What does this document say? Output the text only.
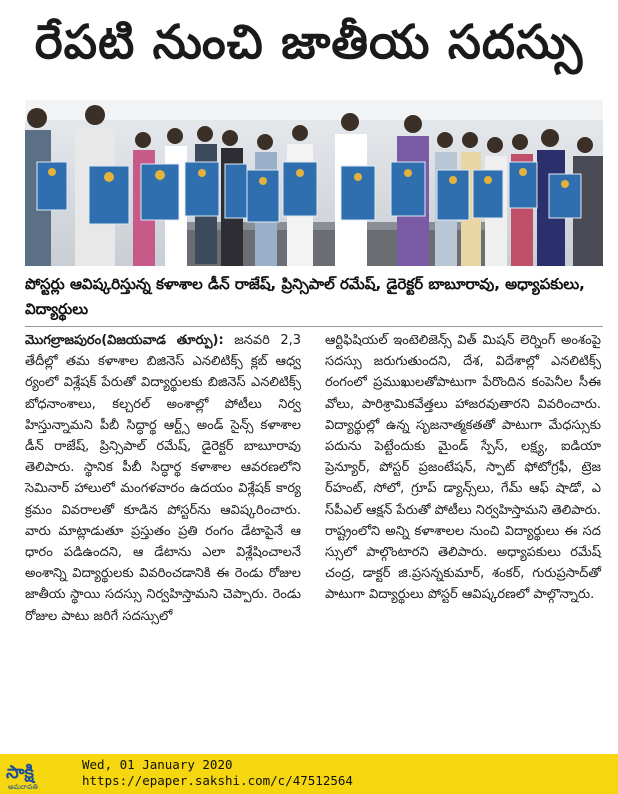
రేపటి నుంచి జాతీయ సదస్సు
పోస్టర్లు ఆవిష్కరిస్తున్న కళాశాల డీన్‌ రాజేష్‌, ప్రిన్సిపాల్‌ రమేష్‌, డైరెక్టర్‌ బాబూరావు, అధ్యాపకులు, విద్యార్థులు

మొగల్రాజపురం(విజయవాడ తూర్పు): జనవరి 2,3 తేదీల్లో తమ కళాశాల బిజినెస్‌ ఎనలిటిక్స్‌ క్లబ్‌ ఆధ్వర్యంలో విశ్లేషక్‌ పేరుతో విద్యార్థులకు బిజినెస్‌ ఎనలిటిక్స్‌ బోధనాంశాలు, కల్చరల్‌ అంశాల్లో పోటీలు నిర్వహిస్తున్నామని పీబీ సిద్ధార్థ ఆర్ట్స్‌ అండ్‌ సైన్స్‌ కళాశాల డీన్‌ రాజేష్‌, ప్రిన్సిపాల్‌ రమేష్‌, డైరెక్టర్‌ బాబూరావు తెలిపారు. స్థానిక పీబీ సిద్ధార్థ కళాశాల ఆవరణలోని సెమినార్‌ హాలులో మంగళవారం ఉదయం విశ్లేషక్‌ కార్యక్రమం వివరాలతో కూడిన పోస్టర్‌ను ఆవిష్కరించారు. వారు మాట్లాడుతూ ప్రస్తుతం ప్రతి రంగం డేటాపైనే ఆధారం పడిఉందని, ఆ డేటాను ఎలా విశ్లేషించాలనే అంశాన్ని విద్యార్థులకు వివరించడానికి ఈ రెండు రోజుల జాతీయ స్థాయి సదస్సు నిర్వహిస్తామని చెప్పారు. రెండు రోజుల పాటు జరిగే సదస్సులో

ఆర్టిఫిషియల్‌ ఇంటెలిజెన్స్‌ విత్‌ మిషన్‌ లెర్నింగ్‌ అంశంపై సదస్సు జరుగుతుందని, దేశ, విదేశాల్లో ఎనలిటిక్స్‌ రంగంలో ప్రముఖులతోపాటుగా పేరొందిన కంపెనీల సీఈవోలు, పారిశ్రామికవేత్తలు హాజరవుతారని వివరించారు. విద్యార్థుల్లో ఉన్న సృజనాత్మకతతో పాటుగా మేధస్సుకు పదును పెట్టేందుకు మైండ్‌ స్పేస్‌, లక్ష్య, ఐడియా ప్రెన్యూర్‌, పోస్టర్‌ ప్రజంటేషన్‌, స్పాట్‌ ఫోటోగ్రఫీ, ట్రెజర్‌హంట్‌, సోలో, గ్రూప్‌ డ్యాన్స్‌లు, గేమ్‌ ఆఫ్‌ షాడో, ఎస్‌పీఎల్‌ ఆక్షన్‌ పేరుతో పోటీలు నిర్వహిస్తామని తెలిపారు. రాష్ట్రంలోని అన్ని కళాశాలల నుంచి విద్యార్థులు ఈ సదస్సులో పాల్గొంటారని తెలిపారు. అధ్యాపకులు రమేష్‌ చంద్ర, డాక్టర్‌ జి.ప్రసన్నకుమార్‌, శంకర్‌, గురుప్రసాద్‌తో పాటుగా విద్యార్థులు పోస్టర్‌ ఆవిష్కరణలో పాల్గొన్నారు.

సాక్షి
అమరావతి
Wed, 01 January 2020
https://epaper.sakshi.com/c/47512564
